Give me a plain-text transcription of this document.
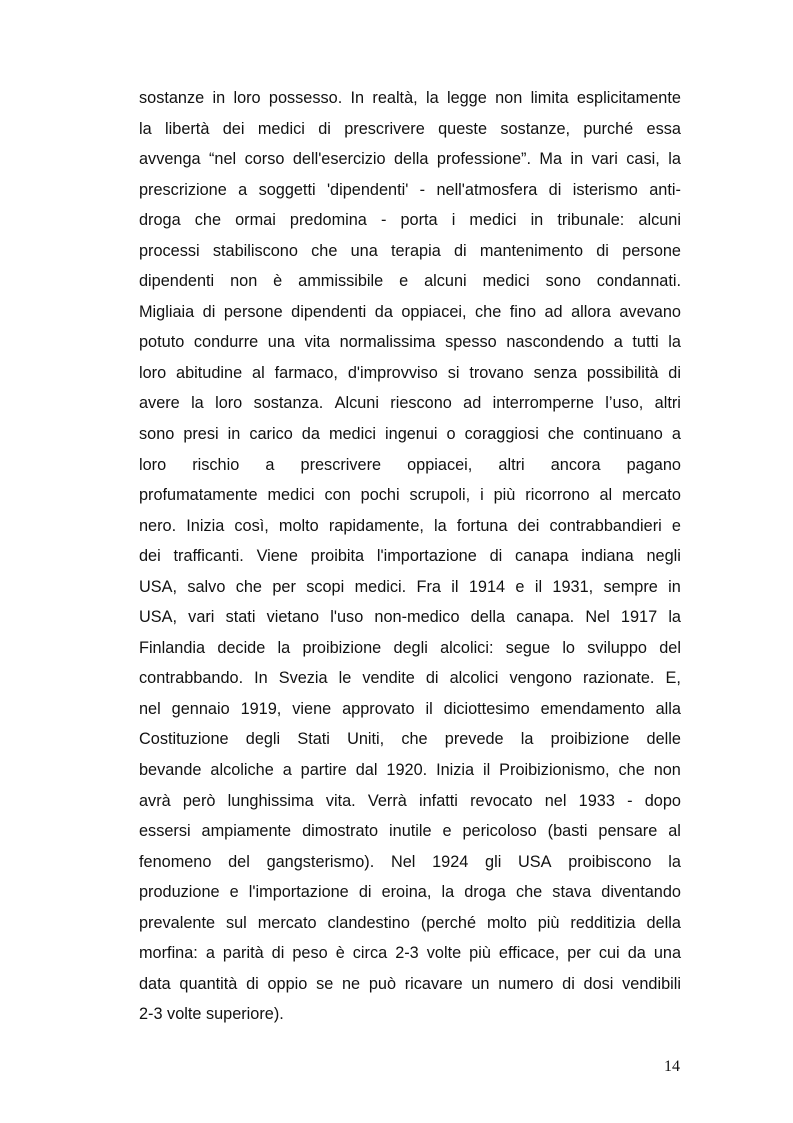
sostanze in loro possesso. In realtà, la legge non limita esplicitamente
la libertà dei medici di prescrivere queste sostanze, purché essa
avvenga “nel corso dell'esercizio della professione”. Ma in vari casi, la
prescrizione a soggetti 'dipendenti' - nell'atmosfera di isterismo anti-
droga che ormai predomina - porta i medici in tribunale: alcuni
processi stabiliscono che una terapia di mantenimento di persone
dipendenti non è ammissibile e alcuni medici sono condannati.
Migliaia di persone dipendenti da oppiacei, che fino ad allora avevano
potuto condurre una vita normalissima spesso nascondendo a tutti la
loro abitudine al farmaco, d'improvviso si trovano senza possibilità di
avere la loro sostanza. Alcuni riescono ad interromperne l’uso, altri
sono presi in carico da medici ingenui o coraggiosi che continuano a
loro rischio a prescrivere oppiacei, altri ancora pagano
profumatamente medici con pochi scrupoli, i più ricorrono al mercato
nero. Inizia così, molto rapidamente, la fortuna dei contrabbandieri e
dei trafficanti. Viene proibita l'importazione di canapa indiana negli
USA, salvo che per scopi medici. Fra il 1914 e il 1931, sempre in
USA, vari stati vietano l'uso non-medico della canapa. Nel 1917 la
Finlandia decide la proibizione degli alcolici: segue lo sviluppo del
contrabbando. In Svezia le vendite di alcolici vengono razionate. E,
nel gennaio 1919, viene approvato il diciottesimo emendamento alla
Costituzione degli Stati Uniti, che prevede la proibizione delle
bevande alcoliche a partire dal 1920. Inizia il Proibizionismo, che non
avrà però lunghissima vita. Verrà infatti revocato nel 1933 - dopo
essersi ampiamente dimostrato inutile e pericoloso (basti pensare al
fenomeno del gangsterismo). Nel 1924 gli USA proibiscono la
produzione e l'importazione di eroina, la droga che stava diventando
prevalente sul mercato clandestino (perché molto più redditizia della
morfina: a parità di peso è circa 2-3 volte più efficace, per cui da una
data quantità di oppio se ne può ricavare un numero di dosi vendibili
2-3 volte superiore).
14
